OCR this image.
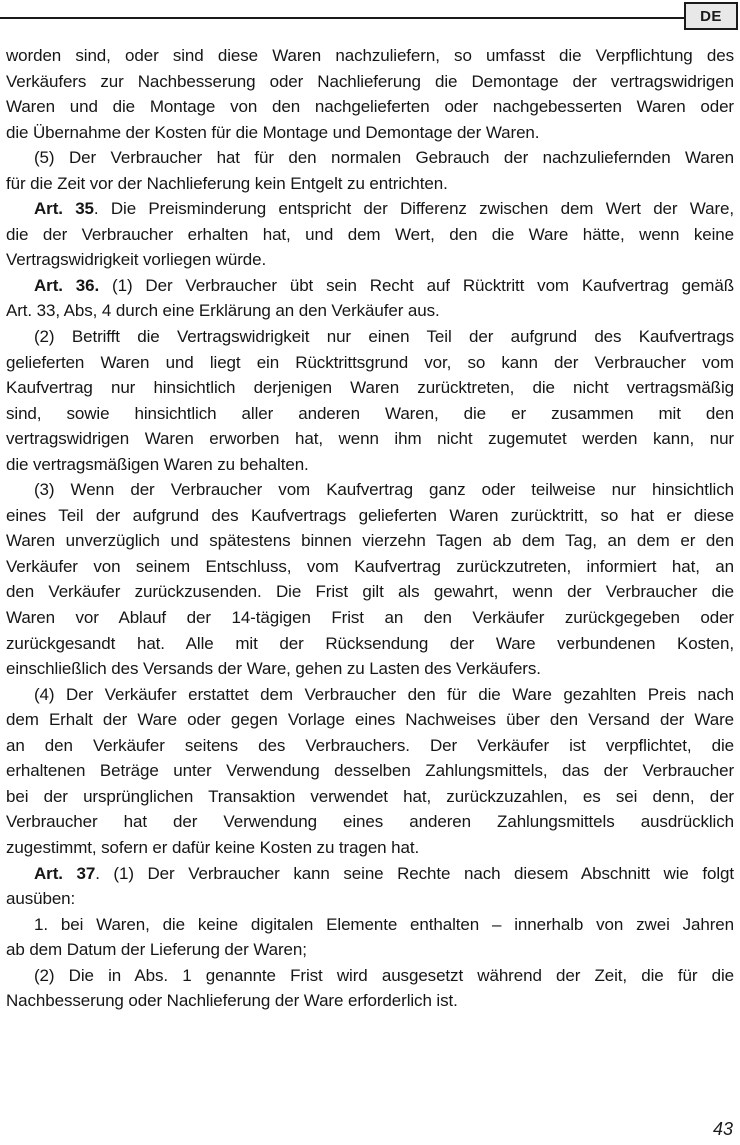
DE
worden sind, oder sind diese Waren nachzuliefern, so umfasst die Verpflichtung des
Verkäufers zur Nachbesserung oder Nachlieferung die Demontage der vertragswidrigen
Waren und die Montage von den nachgelieferten oder nachgebesserten Waren oder
die Übernahme der Kosten für die Montage und Demontage der Waren.
(5) Der Verbraucher hat für den normalen Gebrauch der nachzuliefernden Waren
für die Zeit vor der Nachlieferung kein Entgelt zu entrichten.
Art. 35. Die Preisminderung entspricht der Differenz zwischen dem Wert der Ware,
die der Verbraucher erhalten hat, und dem Wert, den die Ware hätte, wenn keine
Vertragswidrigkeit vorliegen würde.
Art. 36. (1) Der Verbraucher übt sein Recht auf Rücktritt vom Kaufvertrag gemäß
Art. 33, Abs, 4 durch eine Erklärung an den Verkäufer aus.
(2) Betrifft die Vertragswidrigkeit nur einen Teil der aufgrund des Kaufvertrags
gelieferten Waren und liegt ein Rücktrittsgrund vor, so kann der Verbraucher vom
Kaufvertrag nur hinsichtlich derjenigen Waren zurücktreten, die nicht vertragsmäßig
sind, sowie hinsichtlich aller anderen Waren, die er zusammen mit den
vertragswidrigen Waren erworben hat, wenn ihm nicht zugemutet werden kann, nur
die vertragsmäßigen Waren zu behalten.
(3) Wenn der Verbraucher vom Kaufvertrag ganz oder teilweise nur hinsichtlich
eines Teil der aufgrund des Kaufvertrags gelieferten Waren zurücktritt, so hat er diese
Waren unverzüglich und spätestens binnen vierzehn Tagen ab dem Tag, an dem er den
Verkäufer von seinem Entschluss, vom Kaufvertrag zurückzutreten, informiert hat, an
den Verkäufer zurückzusenden. Die Frist gilt als gewahrt, wenn der Verbraucher die
Waren vor Ablauf der 14-tägigen Frist an den Verkäufer zurückgegeben oder
zurückgesandt hat. Alle mit der Rücksendung der Ware verbundenen Kosten,
einschließlich des Versands der Ware, gehen zu Lasten des Verkäufers.
(4) Der Verkäufer erstattet dem Verbraucher den für die Ware gezahlten Preis nach
dem Erhalt der Ware oder gegen Vorlage eines Nachweises über den Versand der Ware
an den Verkäufer seitens des Verbrauchers. Der Verkäufer ist verpflichtet, die
erhaltenen Beträge unter Verwendung desselben Zahlungsmittels, das der Verbraucher
bei der ursprünglichen Transaktion verwendet hat, zurückzuzahlen, es sei denn, der
Verbraucher hat der Verwendung eines anderen Zahlungsmittels ausdrücklich
zugestimmt, sofern er dafür keine Kosten zu tragen hat.
Art. 37. (1) Der Verbraucher kann seine Rechte nach diesem Abschnitt wie folgt
ausüben:
1. bei Waren, die keine digitalen Elemente enthalten – innerhalb von zwei Jahren
ab dem Datum der Lieferung der Waren;
(2) Die in Abs. 1 genannte Frist wird ausgesetzt während der Zeit, die für die
Nachbesserung oder Nachlieferung der Ware erforderlich ist.
43
